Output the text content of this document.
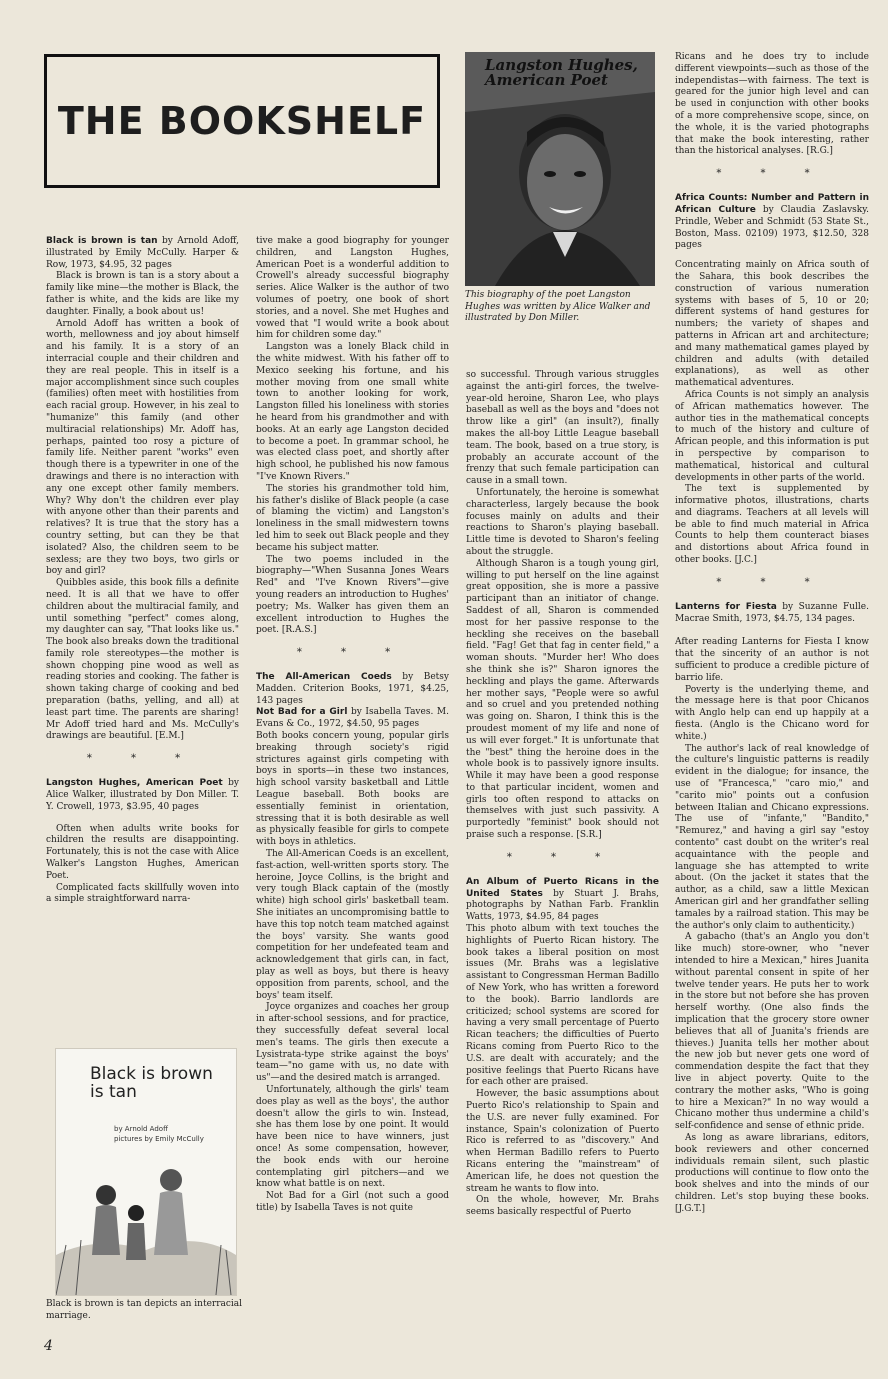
THE BOOKSHELF
Langston Hughes, American Poet
This biography of the poet Langston Hughes was written by Alice Walker and illustrated by Don Miller.
Black is brown is tan
by Arnold Adoff
pictures by Emily McCully
Black is brown is tan depicts an interracial marriage.

Black is brown is tan by Arnold Adoff, illustrated by Emily McCully. Harper & Row, 1973, $4.95, 32 pages

Black is brown is tan is a story about a family like mine—the mother is Black, the father is white, and the kids are like my daughter. Finally, a book about us!

Arnold Adoff has written a book of worth, mellowness and joy about himself and his family. It is a story of an interracial couple and their children and they are real people. This in itself is a major accomplishment since such couples (families) often meet with hostilities from each racial group. However, in his zeal to "humanize" this family (and other multiracial relationships) Mr. Adoff has, perhaps, painted too rosy a picture of family life. Neither parent "works" even though there is a typewriter in one of the drawings and there is no interaction with any one except other family members. Why? Why don't the children ever play with anyone other than their parents and relatives? It is true that the story has a country setting, but can they be that isolated? Also, the children seem to be sexless; are they two boys, two girls or boy and girl?

Quibbles aside, this book fills a definite need. It is all that we have to offer children about the multiracial family, and until something "perfect" comes along, my daughter can say, "That looks like us." The book also breaks down the traditional family role stereotypes—the mother is shown chopping pine wood as well as reading stories and cooking. The father is shown taking charge of cooking and bed preparation (baths, yelling, and all) at least part time. The parents are sharing! Mr Adoff tried hard and Ms. McCully's drawings are beautiful. [E.M.]

* * *

Langston Hughes, American Poet by Alice Walker, illustrated by Don Miller. T. Y. Crowell, 1973, $3.95, 40 pages

Often when adults write books for children the results are disappointing. Fortunately, this is not the case with Alice Walker's Langston Hughes, American Poet.

Complicated facts skillfully woven into a simple straightforward narra-

tive make a good biography for younger children, and Langston Hughes, American Poet is a wonderful addition to Crowell's already successful biography series. Alice Walker is the author of two volumes of poetry, one book of short stories, and a novel. She met Hughes and vowed that "I would write a book about him for children some day."

Langston was a lonely Black child in the white midwest. With his father off to Mexico seeking his fortune, and his mother moving from one small white town to another looking for work, Langston filled his loneliness with stories he heard from his grandmother and with books. At an early age Langston decided to become a poet. In grammar school, he was elected class poet, and shortly after high school, he published his now famous "I've Known Rivers."

The stories his grandmother told him, his father's dislike of Black people (a case of blaming the victim) and Langston's loneliness in the small midwestern towns led him to seek out Black people and they became his subject matter.

The two poems included in the biography—"When Susanna Jones Wears Red" and "I've Known Rivers"—give young readers an introduction to Hughes' poetry; Ms. Walker has given them an excellent introduction to Hughes the poet. [R.A.S.]

* * *

The All-American Coeds by Betsy Madden. Criterion Books, 1971, $4.25, 143 pages

Not Bad for a Girl by Isabella Taves. M. Evans & Co., 1972, $4.50, 95 pages

Both books concern young, popular girls breaking through society's rigid strictures against girls competing with boys in sports—in these two instances, high school varsity basketball and Little League baseball. Both books are essentially feminist in orientation, stressing that it is both desirable as well as physically feasible for girls to compete with boys in athletics.

The All-American Coeds is an excellent, fast-action, well-written sports story. The heroine, Joyce Collins, is the bright and very tough Black captain of the (mostly white) high school girls' basketball team. She initiates an uncompromising battle to have this top notch team matched against the boys' varsity. She wants good competition for her undefeated team and acknowledgement that girls can, in fact, play as well as boys, but there is heavy opposition from parents, school, and the boys' team itself.

Joyce organizes and coaches her group in after-school sessions, and for practice, they successfully defeat several local men's teams. The girls then execute a Lysistrata-type strike against the boys' team—"no game with us, no date with us"—and the desired match is arranged.

Unfortunately, although the girls' team does play as well as the boys', the author doesn't allow the girls to win. Instead, she has them lose by one point. It would have been nice to have winners, just once! As some compensation, however, the book ends with our heroine contemplating girl pitchers—and we know what battle is on next.

Not Bad for a Girl (not such a good title) by Isabella Taves is not quite

so successful. Through various struggles against the anti-girl forces, the twelve-year-old heroine, Sharon Lee, who plays baseball as well as the boys and "does not throw like a girl" (an insult?), finally makes the all-boy Little League baseball team. The book, based on a true story, is probably an accurate account of the frenzy that such female participation can cause in a small town.

Unfortunately, the heroine is somewhat characterless, largely because the book focuses mainly on adults and their reactions to Sharon's playing baseball. Little time is devoted to Sharon's feeling about the struggle.

Although Sharon is a tough young girl, willing to put herself on the line against great opposition, she is more a passive participant than an initiator of change. Saddest of all, Sharon is commended most for her passive response to the heckling she receives on the baseball field. "Fag! Get that fag in center field," a woman shouts. "Murder her! Who does she think she is?" Sharon ignores the heckling and plays the game. Afterwards her mother says, "People were so awful and so cruel and you pretended nothing was going on. Sharon, I think this is the proudest moment of my life and none of us will ever forget." It is unfortunate that the "best" thing the heroine does in the whole book is to passively ignore insults. While it may have been a good response to that particular incident, women and girls too often respond to attacks on themselves with just such passivity. A purportedly "feminist" book should not praise such a response. [S.R.]

* * *

An Album of Puerto Ricans in the United States by Stuart J. Brahs, photographs by Nathan Farb. Franklin Watts, 1973, $4.95, 84 pages

This photo album with text touches the highlights of Puerto Rican history. The book takes a liberal position on most issues (Mr. Brahs was a legislative assistant to Congressman Herman Badillo of New York, who has written a foreword to the book). Barrio landlords are criticized; school systems are scored for having a very small percentage of Puerto Rican teachers; the difficulties of Puerto Ricans coming from Puerto Rico to the U.S. are dealt with accurately; and the positive feelings that Puerto Ricans have for each other are praised.

However, the basic assumptions about Puerto Rico's relationship to Spain and the U.S. are never fully examined. For instance, Spain's colonization of Puerto Rico is referred to as "discovery." And when Herman Badillo refers to Puerto Ricans entering the "mainstream" of American life, he does not question the stream he wants to flow into.

On the whole, however, Mr. Brahs seems basically respectful of Puerto

Ricans and he does try to include different viewpoints—such as those of the independistas—with fairness. The text is geared for the junior high level and can be used in conjunction with other books of a more comprehensive scope, since, on the whole, it is the varied photographs that make the book interesting, rather than the historical analyses. [R.G.]

* * *

Africa Counts: Number and Pattern in African Culture by Claudia Zaslavsky. Prindle, Weber and Schmidt (53 State St., Boston, Mass. 02109) 1973, $12.50, 328 pages

Concentrating mainly on Africa south of the Sahara, this book describes the construction of various numeration systems with bases of 5, 10 or 20; different systems of hand gestures for numbers; the variety of shapes and patterns in African art and architecture; and many mathematical games played by children and adults (with detailed explanations), as well as other mathematical adventures.

Africa Counts is not simply an analysis of African mathematics however. The author ties in the mathematical concepts to much of the history and culture of African people, and this information is put in perspective by comparison to mathematical, historical and cultural developments in other parts of the world.

The text is supplemented by informative photos, illustrations, charts and diagrams. Teachers at all levels will be able to find much material in Africa Counts to help them counteract biases and distortions about Africa found in other books. [J.C.]

* * *

Lanterns for Fiesta by Suzanne Fulle. Macrae Smith, 1973, $4.75, 134 pages.

After reading Lanterns for Fiesta I know that the sincerity of an author is not sufficient to produce a credible picture of barrio life.

Poverty is the underlying theme, and the message here is that poor Chicanos with Anglo help can end up happily at a fiesta. (Anglo is the Chicano word for white.)

The author's lack of real knowledge of the culture's linguistic patterns is readily evident in the dialogue; for insance, the use of "Francesca," "caro mio," and "carito mio" points out a confusion between Italian and Chicano expressions. The use of "infante," "Bandito," "Remurez," and having a girl say "estoy contento" cast doubt on the writer's real acquaintance with the people and language she has attempted to write about. (On the jacket it states that the author, as a child, saw a little Mexican American girl and her grandfather selling tamales by a railroad station. This may be the author's only claim to authenticity.)

A gabacho (that's an Anglo you don't like much) store-owner, who "never intended to hire a Mexican," hires Juanita without parental consent in spite of her twelve tender years. He puts her to work in the store but not before she has proven herself worthy. (One also finds the implication that the grocery store owner believes that all of Juanita's friends are thieves.) Juanita tells her mother about the new job but never gets one word of commendation despite the fact that they live in abject poverty. Quite to the contrary the mother asks, "Who is going to hire a Mexican?" In no way would a Chicano mother thus undermine a child's self-confidence and sense of ethnic pride.

As long as aware librarians, editors, book reviewers and other concerned individuals remain silent, such plastic productions will continue to flow onto the book shelves and into the minds of our children. Let's stop buying these books. [J.G.T.]

4
